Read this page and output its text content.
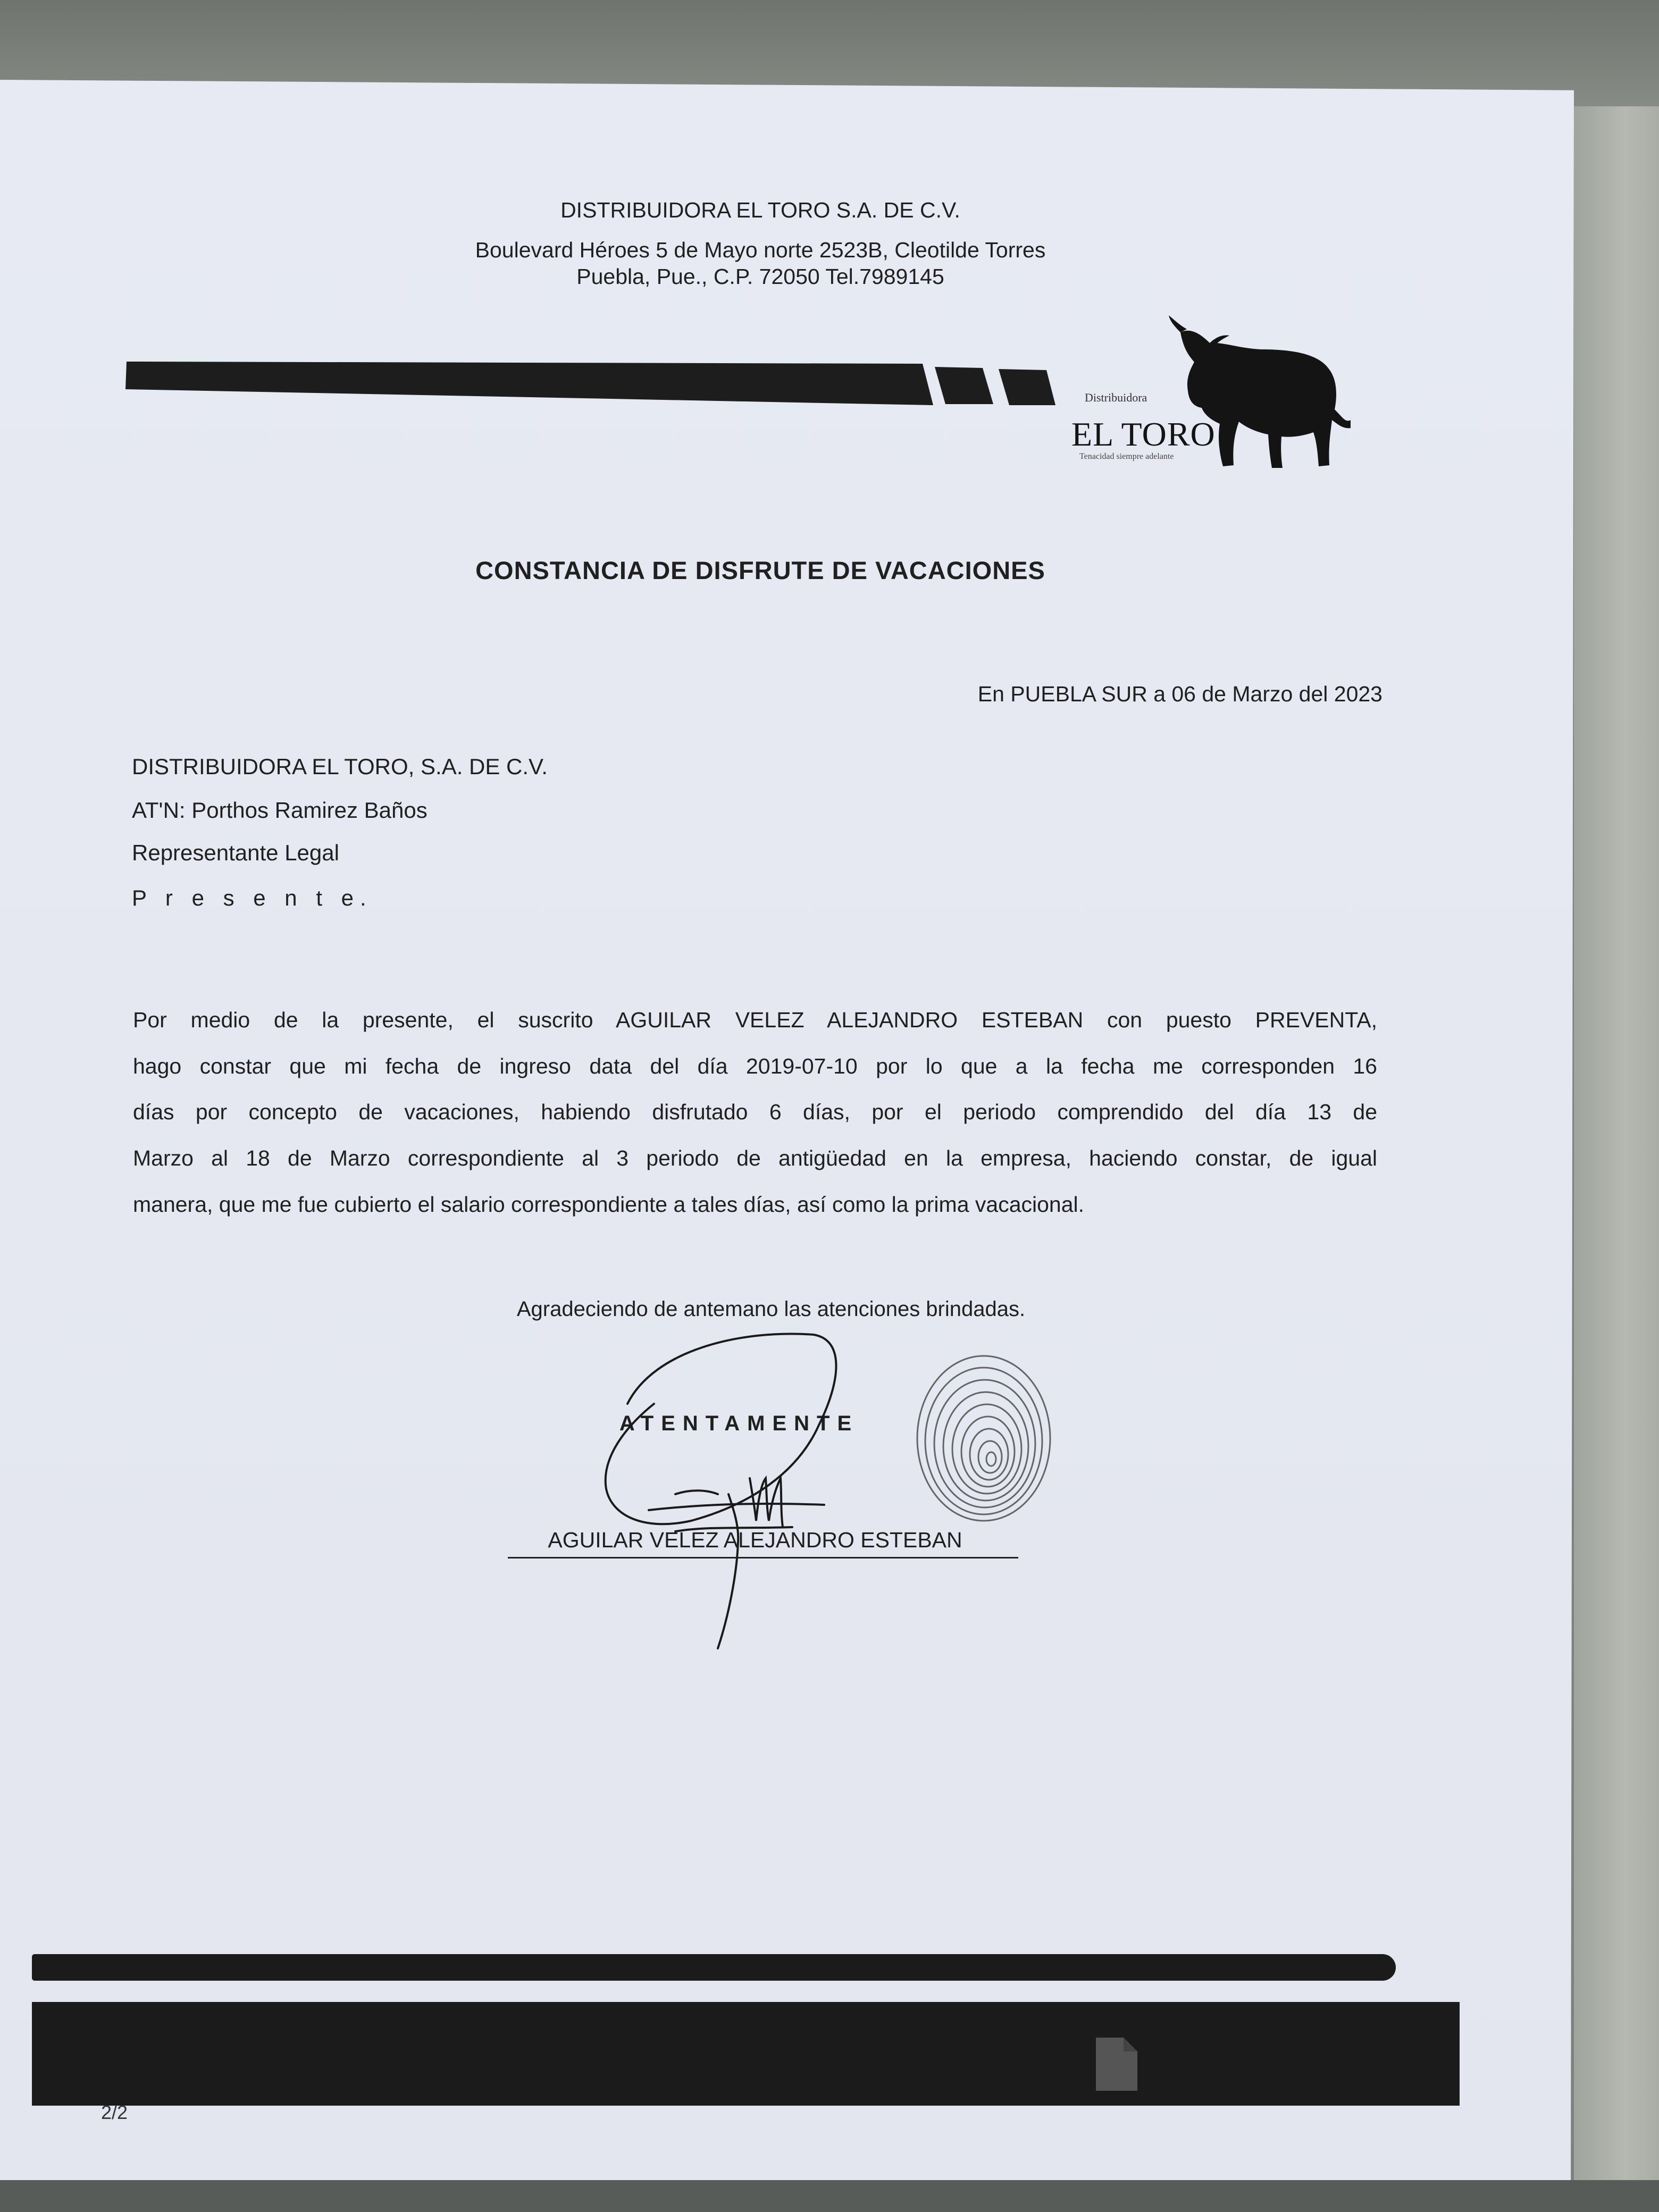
DISTRIBUIDORA EL TORO S.A. DE C.V.
Boulevard Héroes 5 de Mayo norte 2523B, Cleotilde Torres
Puebla, Pue., C.P. 72050 Tel.7989145
Distribuidora
EL TORO
Tenacidad siempre adelante
CONSTANCIA DE DISFRUTE DE VACACIONES
En PUEBLA SUR a 06 de Marzo del 2023
DISTRIBUIDORA EL TORO, S.A. DE C.V.
AT'N: Porthos Ramirez Baños
Representante Legal
P r e s e n t e.
Por medio de la presente, el suscrito AGUILAR VELEZ ALEJANDRO ESTEBAN con puesto PREVENTA,
hago constar que mi fecha de ingreso data del día 2019-07-10 por lo que a la fecha me corresponden 16
días por concepto de vacaciones, habiendo disfrutado 6 días, por el periodo comprendido del día 13 de
Marzo al 18 de Marzo correspondiente al 3 periodo de antigüedad en la empresa, haciendo constar, de igual
manera, que me fue cubierto el salario correspondiente a tales días, así como la prima vacacional.
Agradeciendo de antemano las atenciones brindadas.
ATENTAMENTE
AGUILAR VELEZ ALEJANDRO ESTEBAN
2/2
